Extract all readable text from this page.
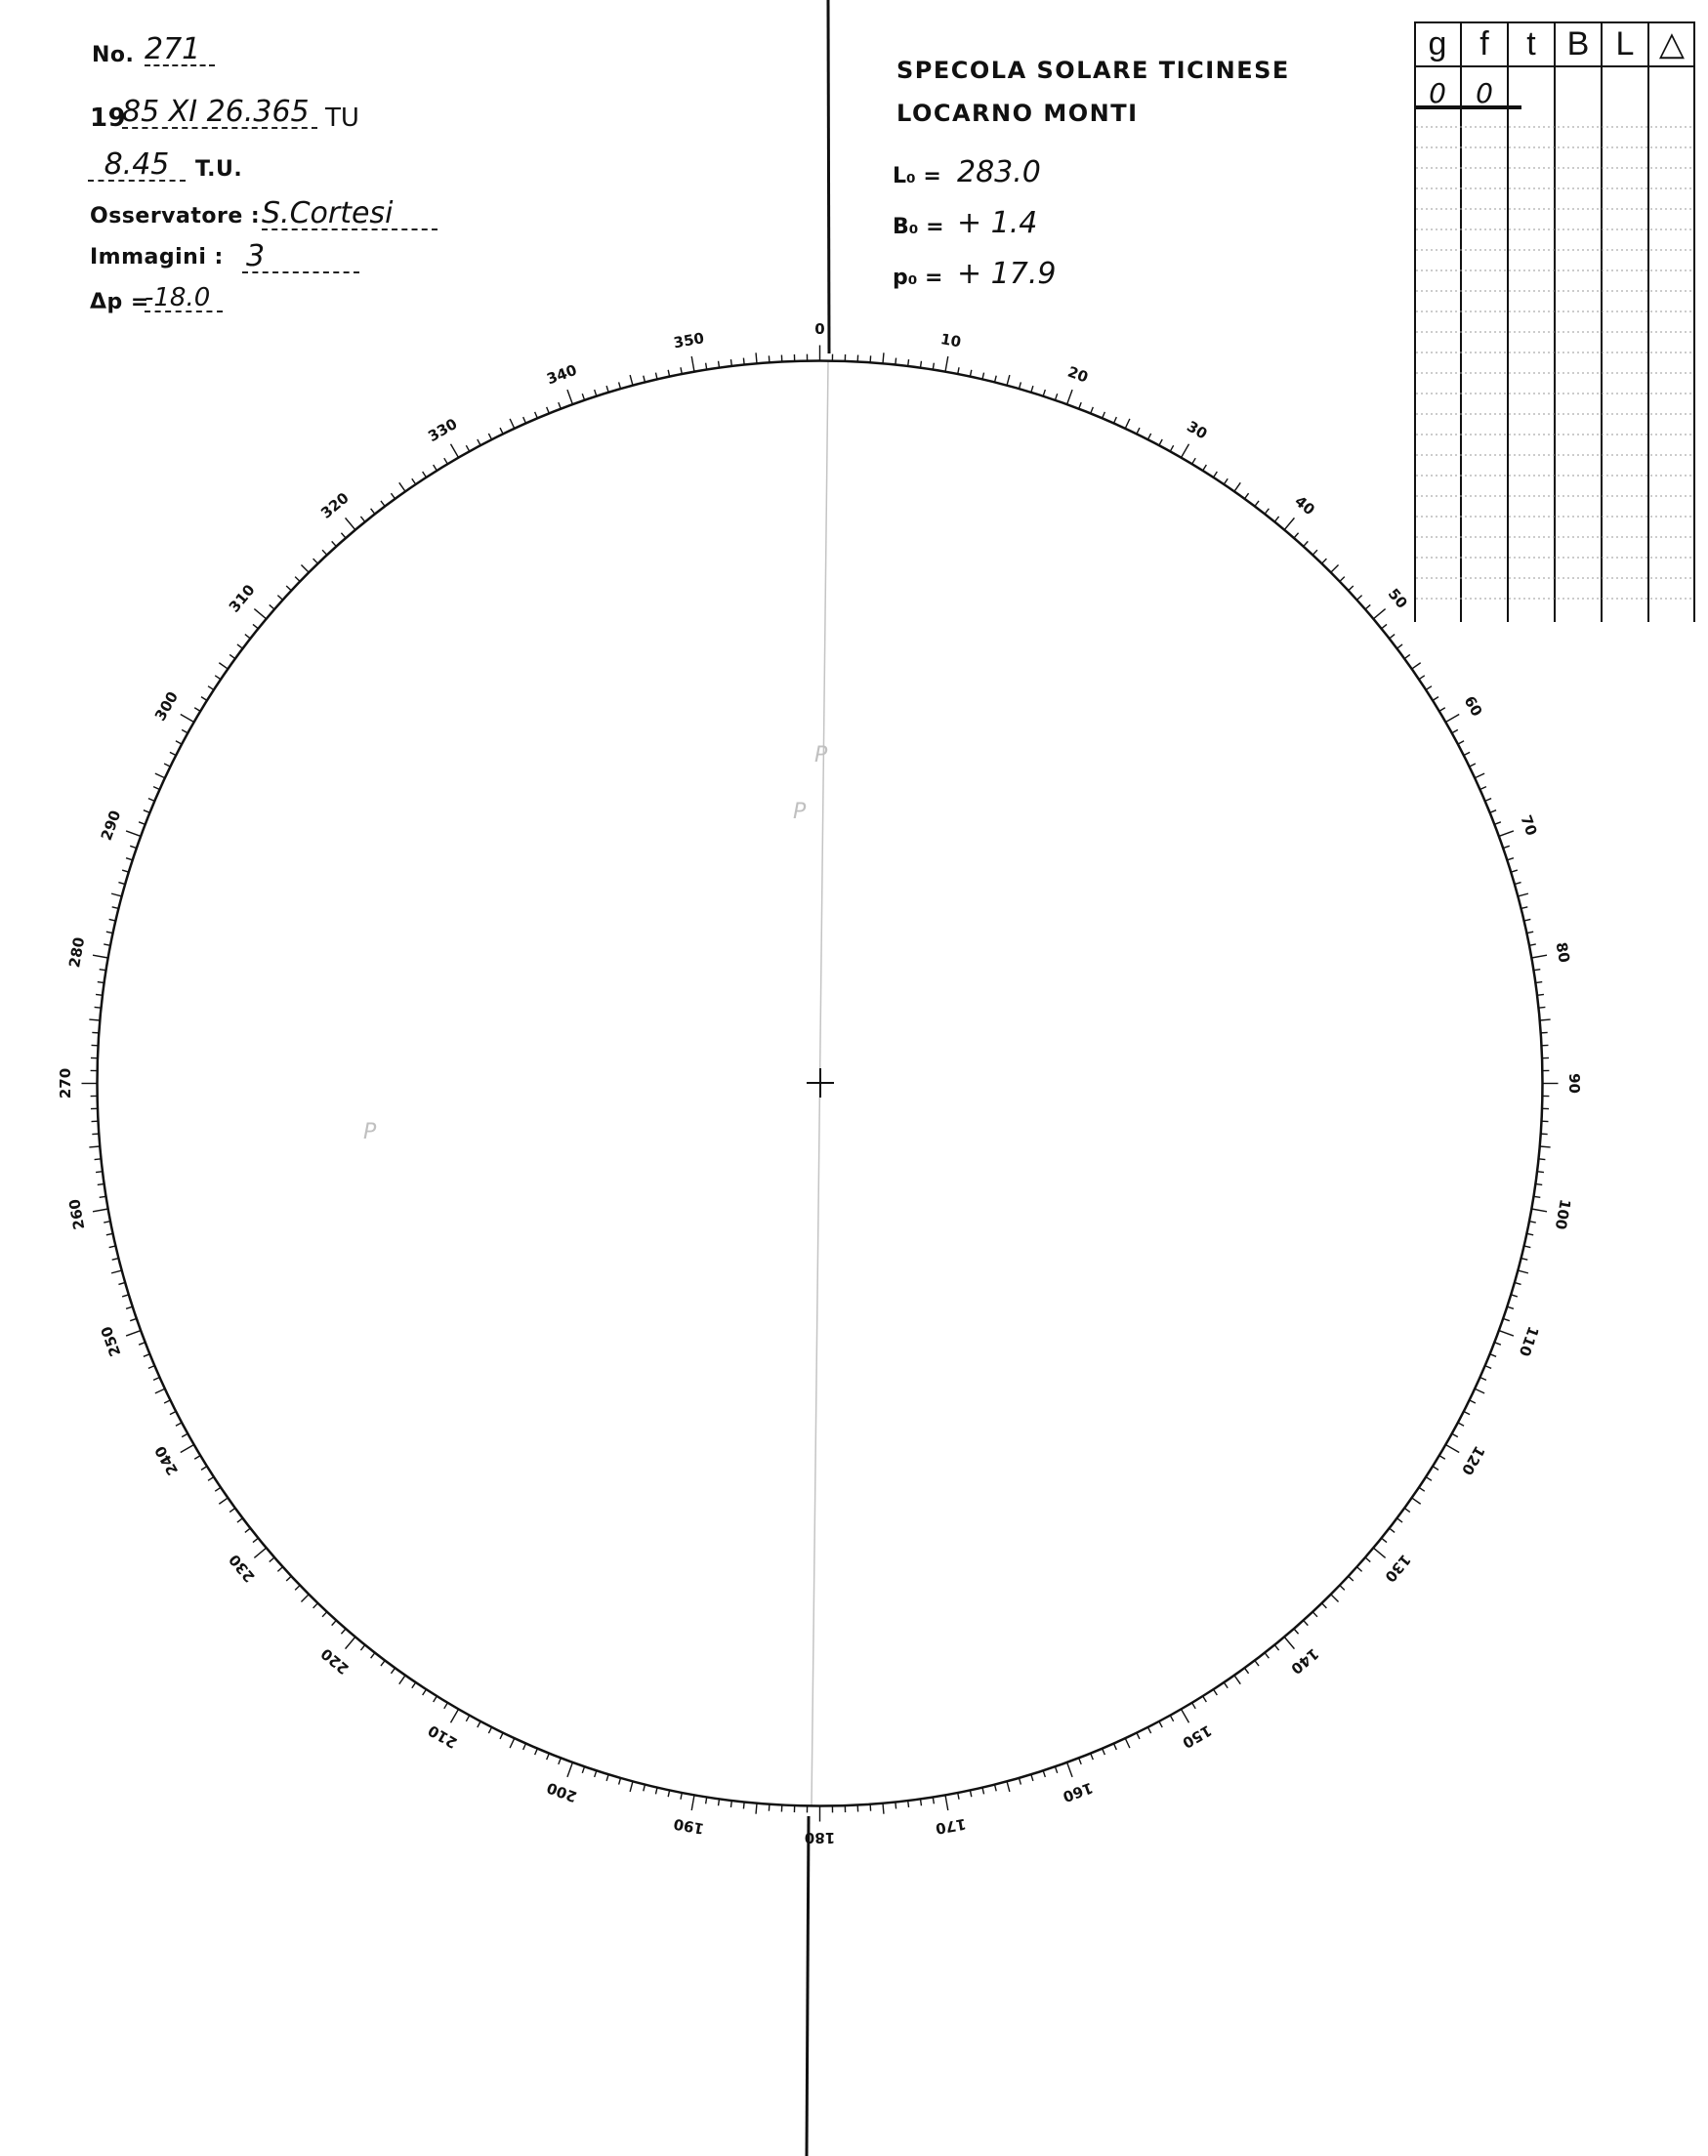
No. 271
19
85 XI 26.365 TU
8.45	T.U.
Osservatore : S.Cortesi
Immagini : 3
Δp =
-18.0
SPECOLA SOLARE TICINESE
LOCARNO MONTI
L₀ = 283.0
B₀ = + 1.4
p₀ = + 17.9
g f	t B L △
0	0
0
10
20
30
40
50
60
70
80
90
100
110
120
130
140
150
160
170
180
190
200
210
220
230
240
250
260
270
280
290
300
310
320
330
340
350
P
P
P
